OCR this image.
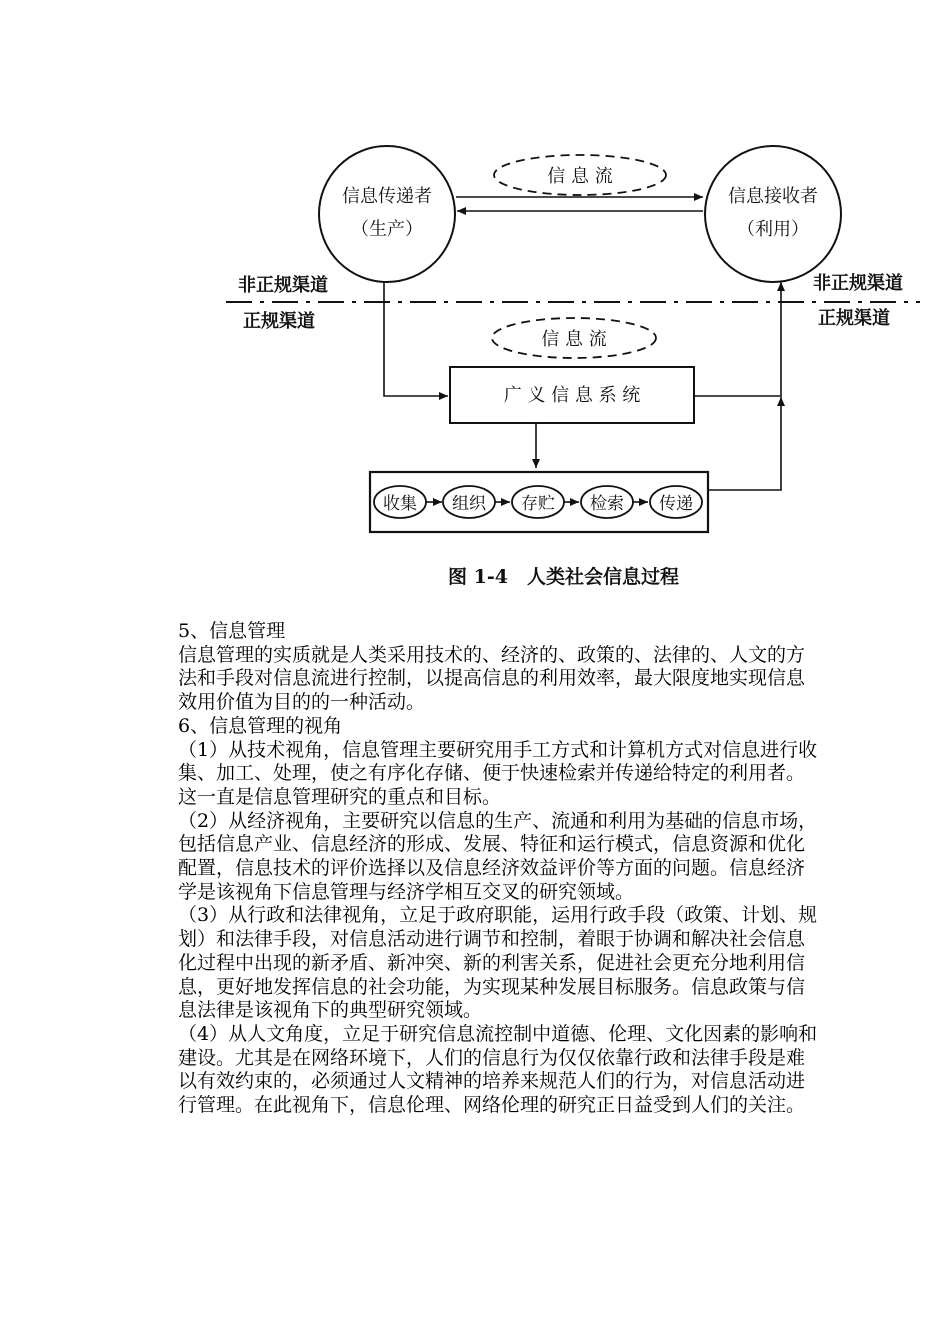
信息传递者
（生产）
信息接收者
（利用）
信 息 流
非正规渠道
正规渠道
非正规渠道
正规渠道
信 息 流
广 义 信 息 系 统
收集 组织 存贮 检索 传递
图 1-4　人类社会信息过程

5、信息管理

信息管理的实质就是人类采用技术的、经济的、政策的、法律的、人文的方法和手段对信息流进行控制，以提高信息的利用效率，最大限度地实现信息效用价值为目的的一种活动。

6、信息管理的视角

（1）从技术视角，信息管理主要研究用手工方式和计算机方式对信息进行收集、加工、处理，使之有序化存储、便于快速检索并传递给特定的利用者。这一直是信息管理研究的重点和目标。

（2）从经济视角，主要研究以信息的生产、流通和利用为基础的信息市场，包括信息产业、信息经济的形成、发展、特征和运行模式，信息资源和优化配置，信息技术的评价选择以及信息经济效益评价等方面的问题。信息经济学是该视角下信息管理与经济学相互交叉的研究领域。

（3）从行政和法律视角，立足于政府职能，运用行政手段（政策、计划、规划）和法律手段，对信息活动进行调节和控制，着眼于协调和解决社会信息化过程中出现的新矛盾、新冲突、新的利害关系，促进社会更充分地利用信息，更好地发挥信息的社会功能，为实现某种发展目标服务。信息政策与信息法律是该视角下的典型研究领域。

（4）从人文角度，立足于研究信息流控制中道德、伦理、文化因素的影响和建设。尤其是在网络环境下，人们的信息行为仅仅依靠行政和法律手段是难以有效约束的，必须通过人文精神的培养来规范人们的行为，对信息活动进行管理。在此视角下，信息伦理、网络伦理的研究正日益受到人们的关注。
